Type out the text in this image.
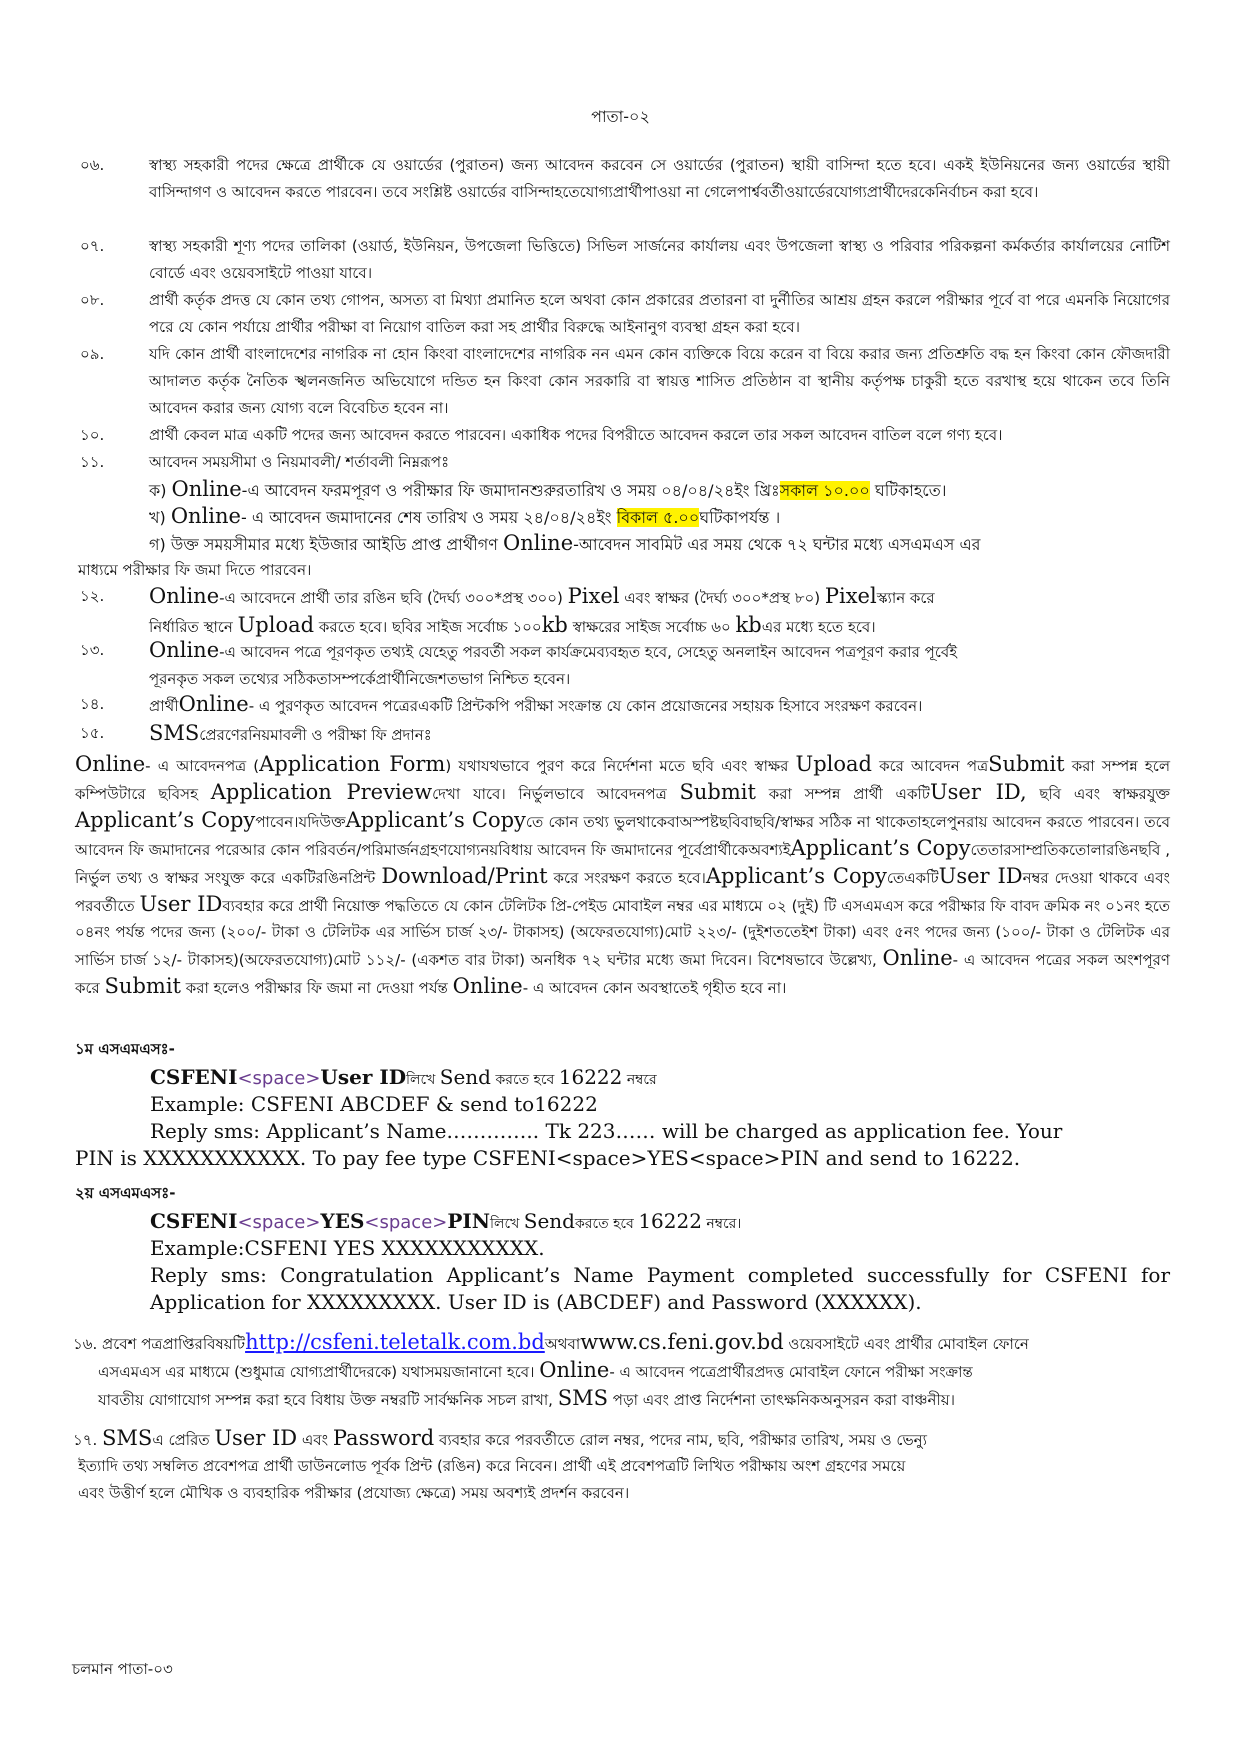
পাতা-০২
০৬.	স্বাস্থ্য সহকারী পদের ক্ষেত্রে প্রার্থীকে যে ওয়ার্ডের (পুরাতন) জন্য আবেদন করবেন সে ওয়ার্ডের (পুরাতন) স্থায়ী বাসিন্দা হতে হবে। একই ইউনিয়নের জন্য ওয়ার্ডের স্থায়ী বাসিন্দাগণ ও আবেদন করতে পারবেন। তবে সংশ্লিষ্ট ওয়ার্ডের বাসিন্দাহতেযোগ্যপ্রার্থীপাওয়া না গেলেপার্শ্ববর্তীওয়ার্ডেরযোগ্যপ্রার্থীদেরকেনির্বাচন করা হবে।
০৭.	স্বাস্থ্য সহকারী শূণ্য পদের তালিকা (ওয়ার্ড, ইউনিয়ন, উপজেলা ভিত্তিতে) সিভিল সার্জনের কার্যালয় এবং উপজেলা স্বাস্থ্য ও পরিবার পরিকল্পনা কর্মকর্তার কার্যালয়ের নোটিশ বোর্ডে এবং ওয়েবসাইটে পাওয়া যাবে।
০৮.	প্রার্থী কর্তৃক প্রদত্ত যে কোন তথ্য গোপন, অসত্য বা মিথ্যা প্রমানিত হলে অথবা কোন প্রকারের প্রতারনা বা দুর্নীতির আশ্রয় গ্রহন করলে পরীক্ষার পূর্বে বা পরে এমনকি নিয়োগের পরে যে কোন পর্যায়ে প্রার্থীর পরীক্ষা বা নিয়োগ বাতিল করা সহ প্রার্থীর বিরুদ্ধে আইনানুগ ব্যবস্থা গ্রহন করা হবে।
০৯.	যদি কোন প্রার্থী বাংলাদেশের নাগরিক না হোন কিংবা বাংলাদেশের নাগরিক নন এমন কোন ব্যক্তিকে বিয়ে করেন বা বিয়ে করার জন্য প্রতিশ্রুতি বদ্ধ হন কিংবা কোন ফৌজদারী আদালত কর্তৃক নৈতিক স্খলনজনিত অভিযোগে দন্ডিত হন কিংবা কোন সরকারি বা স্বায়ত্ত শাসিত প্রতিষ্ঠান বা স্থানীয় কর্তৃপক্ষ চাকুরী হতে বরখাস্থ হয়ে থাকেন তবে তিনি আবেদন করার জন্য যোগ্য বলে বিবেচিত হবেন না।
১০.	প্রার্থী কেবল মাত্র একটি পদের জন্য আবেদন করতে পারবেন। একাধিক পদের বিপরীতে আবেদন করলে তার সকল আবেদন বাতিল বলে গণ্য হবে।
১১.	আবেদন সময়সীমা ও নিয়মাবলী/ শর্তাবলী নিম্নরূপঃ
ক) Online-এ আবেদন ফরমপূরণ ও পরীক্ষার ফি জমাদানশুরুরতারিখ ও সময় ০৪/০৪/২৪ইং খ্রিঃসকাল ১০.০০ ঘটিকাহতে।
খ) Online- এ আবেদন জমাদানের শেষ তারিখ ও সময় ২৪/০৪/২৪ইং বিকাল ৫.০০ঘটিকাপর্যন্ত ।
গ) উক্ত সময়সীমার মধ্যে ইউজার আইডি প্রাপ্ত প্রার্থীগণ Online-আবেদন সাবমিট এর সময় থেকে ৭২ ঘন্টার মধ্যে এসএমএস এর
মাধ্যমে পরীক্ষার ফি জমা দিতে পারবেন।
১২.	Online-এ আবেদনে প্রার্থী তার রঙিন ছবি (দৈর্ঘ্য ৩০০*প্রস্থ ৩০০) Pixel এবং স্বাক্ষর (দৈর্ঘ্য ৩০০*প্রস্থ ৮০) Pixelস্ক্যান করে
নির্ধারিত স্থানে Upload করতে হবে। ছবির সাইজ সর্বোচ্চ ১০০kb স্বাক্ষরের সাইজ সর্বোচ্চ ৬০ kbএর মধ্যে হতে হবে।
১৩.	Online-এ আবেদন পত্রে পূরণকৃত তথ্যই যেহেতু পরবর্তী সকল কার্যক্রমেব্যবহৃত হবে, সেহেতু অনলাইন আবেদন পত্রপূরণ করার পূর্বেই
পূরনকৃত সকল তথ্যের সঠিকতাসম্পর্কেপ্রার্থীনিজেশতভাগ নিশ্চিত হবেন।
১৪.	প্রার্থীOnline- এ পুরণকৃত আবেদন পত্রেরএকটি প্রিন্টকপি পরীক্ষা সংক্রান্ত যে কোন প্রয়োজনের সহায়ক হিসাবে সংরক্ষণ করবেন।
১৫.	SMSপ্রেরণেরনিয়মাবলী ও পরীক্ষা ফি প্রদানঃ
Online- এ আবেদনপত্র (Application Form) যথাযথভাবে পুরণ করে নির্দেশনা মতে ছবি এবং স্বাক্ষর Upload করে আবেদন পত্রSubmit করা সম্পন্ন হলে কম্পিউটারে ছবিসহ Application Previewদেখা যাবে। নির্ভুলভাবে আবেদনপত্র Submit করা সম্পন্ন প্রার্থী একটিUser ID, ছবি এবং স্বাক্ষরযুক্ত Applicant’s Copyপাবেন।যদিউক্তApplicant’s Copyতে কোন তথ্য ভুলথাকেবাঅস্পষ্টছবিবাছবি/স্বাক্ষর সঠিক না থাকেতাহলেপুনরায় আবেদন করতে পারবেন। তবে আবেদন ফি জমাদানের পরেআর কোন পরিবর্তন/পরিমার্জনগ্রহণযোগ্যনয়বিধায় আবেদন ফি জমাদানের পূর্বেপ্রার্থীকেঅবশ্যইApplicant’s Copyতেতারসাম্প্রতিকতোলারঙিনছবি , নির্ভুল তথ্য ও স্বাক্ষর সংযুক্ত করে একটিরঙিনপ্রিন্ট Download/Print করে সংরক্ষণ করতে হবে।Applicant’s CopyতেএকটিUser IDনম্বর দেওয়া থাকবে এবং পরবর্তীতে User IDব্যবহার করে প্রার্থী নিয়োক্ত পদ্ধতিতে যে কোন টেলিটক প্রি-পেইড মোবাইল নম্বর এর মাধ্যমে ০২ (দুই) টি এসএমএস করে পরীক্ষার ফি বাবদ ক্রমিক নং ০১নং হতে ০৪নং পর্যন্ত পদের জন্য (২০০/- টাকা ও টেলিটক এর সার্ভিস চার্জ ২৩/- টাকাসহ) (অফেরতযোগ্য)মোট ২২৩/- (দুইশততেইশ টাকা) এবং ৫নং পদের জন্য (১০০/- টাকা ও টেলিটক এর সার্ভিস চার্জ ১২/- টাকাসহ)(অফেরতযোগ্য)মোট ১১২/- (একশত বার টাকা) অনধিক ৭২ ঘন্টার মধ্যে জমা দিবেন। বিশেষভাবে উল্লেখ্য, Online- এ আবেদন পত্রের সকল অংশপূরণ করে Submit করা হলেও পরীক্ষার ফি জমা না দেওয়া পর্যন্ত Online- এ আবেদন কোন অবস্থাতেই গৃহীত হবে না।
১ম এসএমএসঃ-
CSFENI<space>User IDলিখে Send করতে হবে 16222 নম্বরে
Example: CSFENI ABCDEF & send to16222
Reply sms: Applicant’s Name………….. Tk 223…… will be charged as application fee. Your
PIN is XXXXXXXXXXX. To pay fee type CSFENI<space>YES<space>PIN and send to 16222.
২য় এসএমএসঃ-
CSFENI<space>YES<space>PINলিখে Sendকরতে হবে 16222 নম্বরে।
Example:CSFENI YES XXXXXXXXXXX.
Reply sms: Congratulation Applicant’s Name Payment completed successfully for CSFENI for Application for XXXXXXXXX. User ID is (ABCDEF) and Password (XXXXXX).
১৬. প্রবেশ পত্রপ্রাপ্তিরবিষয়টিhttp://csfeni.teletalk.com.bdঅথবাwww.cs.feni.gov.bd ওয়েবসাইটে এবং প্রার্থীর মোবাইল ফোনে
এসএমএস এর মাধ্যমে (শুধুমাত্র যোগ্যপ্রার্থীদেরকে) যথাসময়জানানো হবে। Online- এ আবেদন পত্রেপ্রার্থীরপ্রদত্ত মোবাইল ফোনে পরীক্ষা সংক্রান্ত
যাবতীয় যোগাযোগ সম্পন্ন করা হবে বিধায় উক্ত নম্বরটি সার্বক্ষনিক সচল রাখা, SMS পড়া এবং প্রাপ্ত নির্দেশনা তাৎক্ষনিকঅনুসরন করা বাঞ্চনীয়।
১৭. SMSএ প্রেরিত User ID এবং Password ব্যবহার করে পরবর্তীতে রোল নম্বর, পদের নাম, ছবি, পরীক্ষার তারিখ, সময় ও ভেন্যু
ইত্যাদি তথ্য সম্বলিত প্রবেশপত্র প্রার্থী ডাউনলোড পূর্বক প্রিন্ট (রঙিন) করে নিবেন। প্রার্থী এই প্রবেশপত্রটি লিখিত পরীক্ষায় অংশ গ্রহণের সময়ে
এবং উত্তীর্ণ হলে মৌখিক ও ব্যবহারিক পরীক্ষার (প্রযোজ্য ক্ষেত্রে) সময় অবশ্যই প্রদর্শন করবেন।
চলমান পাতা-০৩
